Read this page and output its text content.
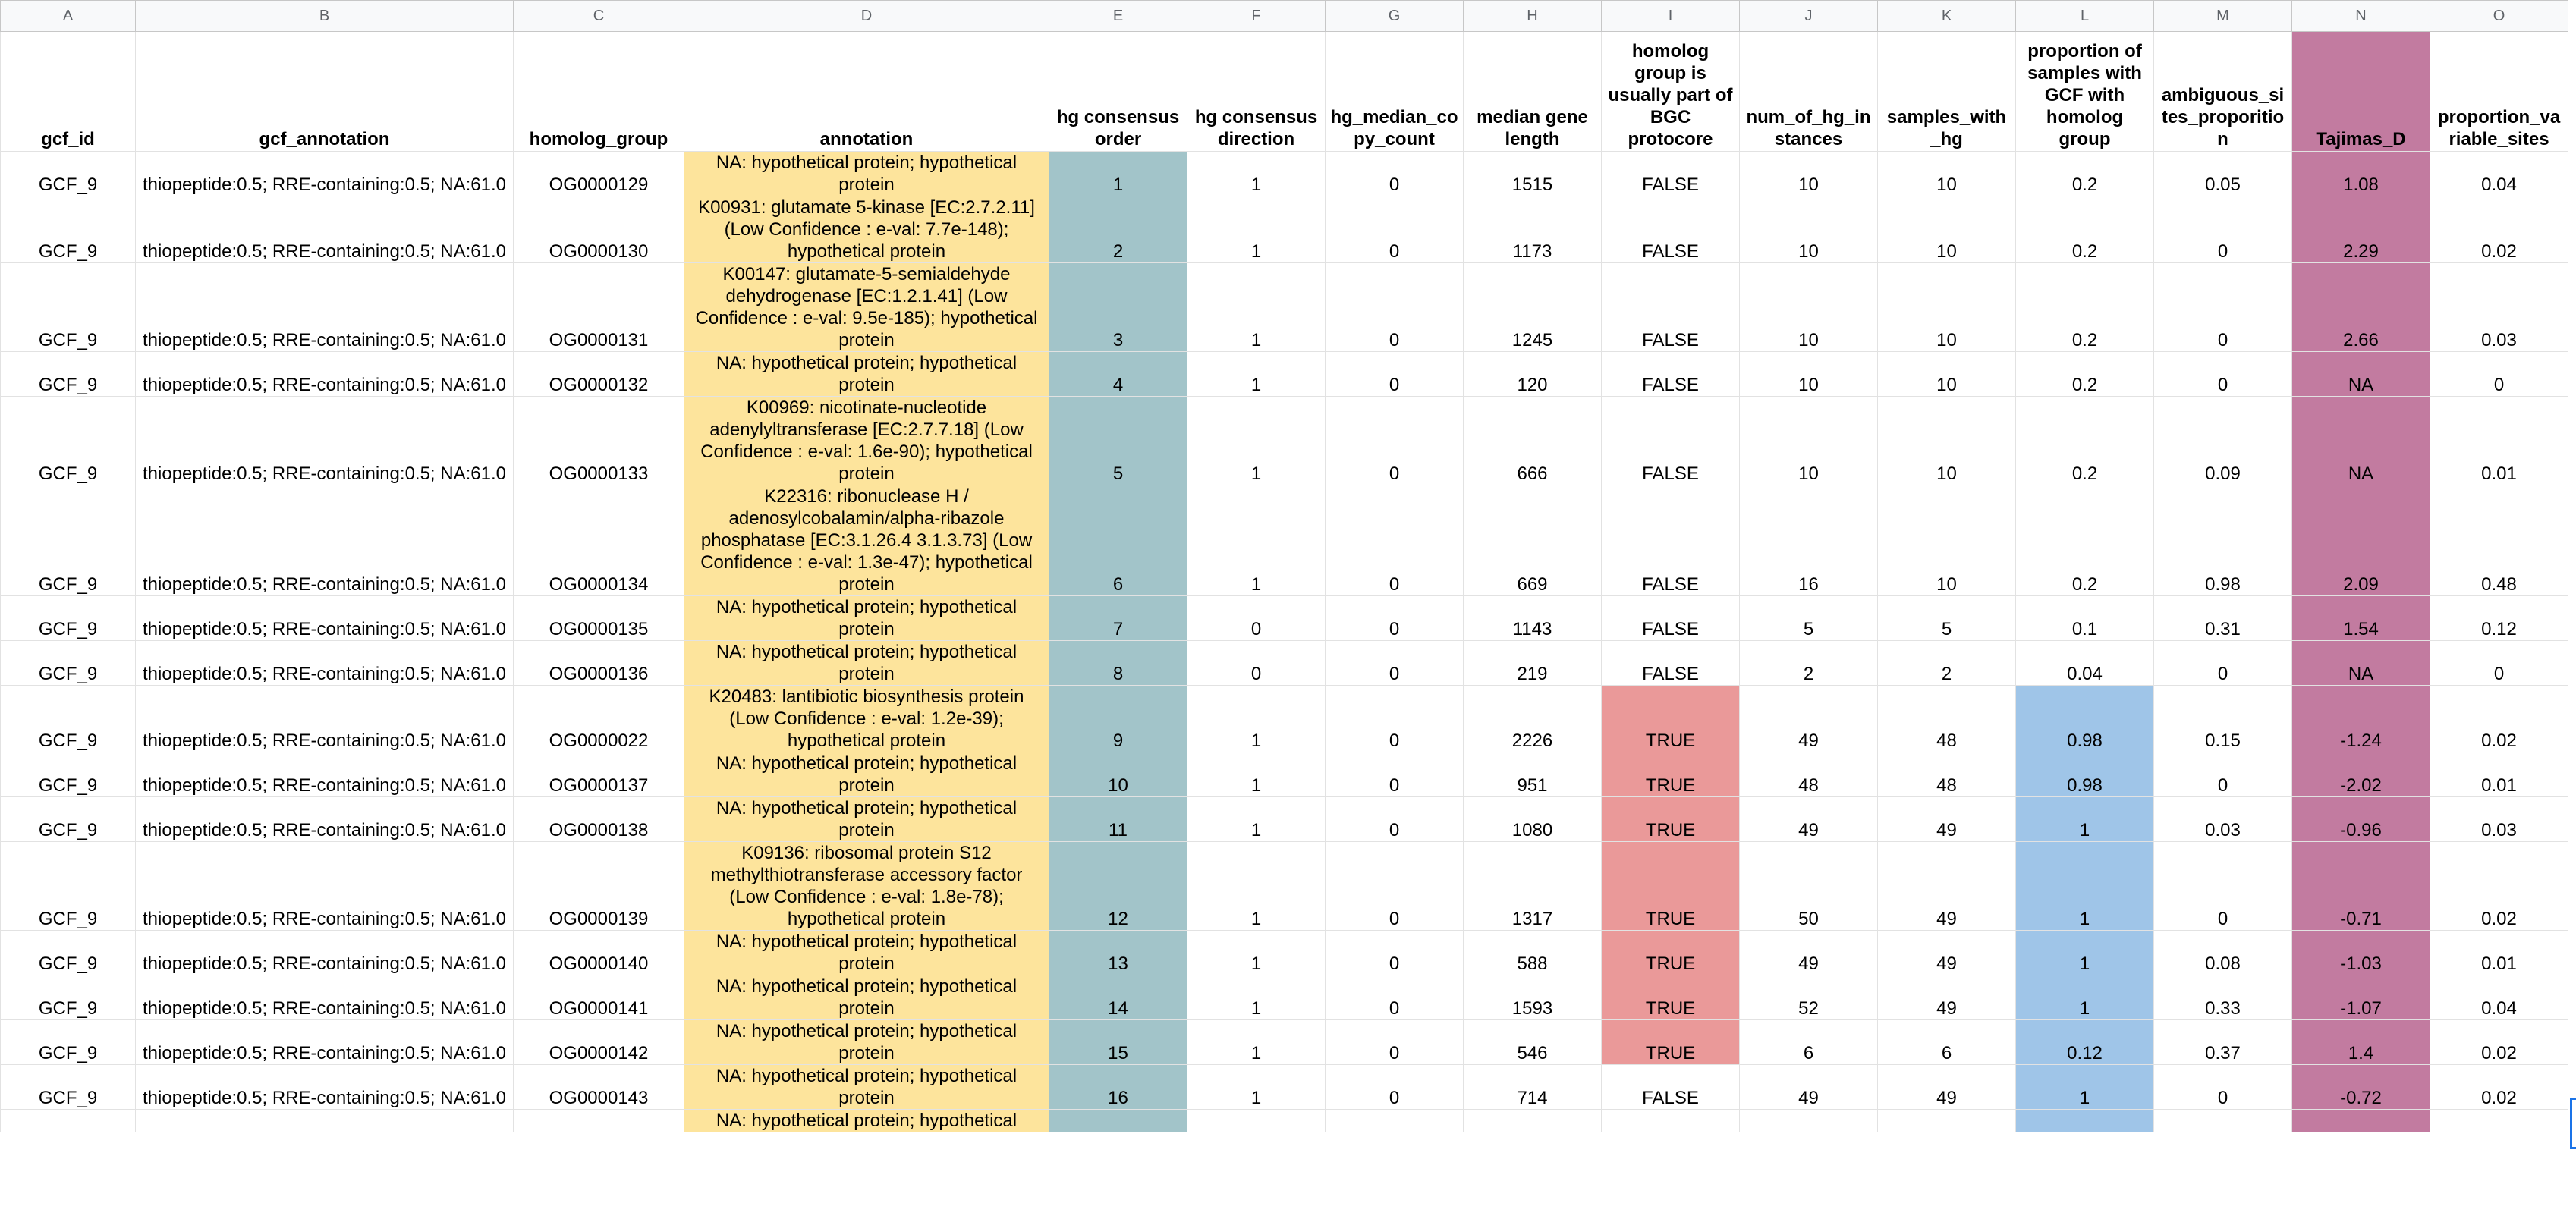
A	B	C	D	E	F	G	H	I	J	K	L	M	N	O
gcf_id	gcf_annotation	homolog_group	annotation	hg consensus order	hg consensus direction	hg_median_copy_count	median gene length	homolog group is usually part of BGC protocore	num_of_hg_instances	samples_with_hg	proportion of samples with GCF with homolog group	ambiguous_sites_proporition	Tajimas_D	proportion_variable_sites
GCF_9	thiopeptide:0.5; RRE-containing:0.5; NA:61.0	OG0000129	NA: hypothetical protein; hypothetical protein	1	1	0	1515	FALSE	10	10	0.2	0.05	1.08	0.04
GCF_9	thiopeptide:0.5; RRE-containing:0.5; NA:61.0	OG0000130	K00931: glutamate 5-kinase [EC:2.7.2.11] (Low Confidence : e-val: 7.7e-148); hypothetical protein	2	1	0	1173	FALSE	10	10	0.2	0	2.29	0.02
GCF_9	thiopeptide:0.5; RRE-containing:0.5; NA:61.0	OG0000131	K00147: glutamate-5-semialdehyde dehydrogenase [EC:1.2.1.41] (Low Confidence : e-val: 9.5e-185); hypothetical protein	3	1	0	1245	FALSE	10	10	0.2	0	2.66	0.03
GCF_9	thiopeptide:0.5; RRE-containing:0.5; NA:61.0	OG0000132	NA: hypothetical protein; hypothetical protein	4	1	0	120	FALSE	10	10	0.2	0	NA	0
GCF_9	thiopeptide:0.5; RRE-containing:0.5; NA:61.0	OG0000133	K00969: nicotinate-nucleotide adenylyltransferase [EC:2.7.7.18] (Low Confidence : e-val: 1.6e-90); hypothetical protein	5	1	0	666	FALSE	10	10	0.2	0.09	NA	0.01
GCF_9	thiopeptide:0.5; RRE-containing:0.5; NA:61.0	OG0000134	K22316: ribonuclease H / adenosylcobalamin/alpha-ribazole phosphatase [EC:3.1.26.4 3.1.3.73] (Low Confidence : e-val: 1.3e-47); hypothetical protein	6	1	0	669	FALSE	16	10	0.2	0.98	2.09	0.48
GCF_9	thiopeptide:0.5; RRE-containing:0.5; NA:61.0	OG0000135	NA: hypothetical protein; hypothetical protein	7	0	0	1143	FALSE	5	5	0.1	0.31	1.54	0.12
GCF_9	thiopeptide:0.5; RRE-containing:0.5; NA:61.0	OG0000136	NA: hypothetical protein; hypothetical protein	8	0	0	219	FALSE	2	2	0.04	0	NA	0
GCF_9	thiopeptide:0.5; RRE-containing:0.5; NA:61.0	OG0000022	K20483: lantibiotic biosynthesis protein (Low Confidence : e-val: 1.2e-39); hypothetical protein	9	1	0	2226	TRUE	49	48	0.98	0.15	-1.24	0.02
GCF_9	thiopeptide:0.5; RRE-containing:0.5; NA:61.0	OG0000137	NA: hypothetical protein; hypothetical protein	10	1	0	951	TRUE	48	48	0.98	0	-2.02	0.01
GCF_9	thiopeptide:0.5; RRE-containing:0.5; NA:61.0	OG0000138	NA: hypothetical protein; hypothetical protein	11	1	0	1080	TRUE	49	49	1	0.03	-0.96	0.03
GCF_9	thiopeptide:0.5; RRE-containing:0.5; NA:61.0	OG0000139	K09136: ribosomal protein S12 methylthiotransferase accessory factor (Low Confidence : e-val: 1.8e-78); hypothetical protein	12	1	0	1317	TRUE	50	49	1	0	-0.71	0.02
GCF_9	thiopeptide:0.5; RRE-containing:0.5; NA:61.0	OG0000140	NA: hypothetical protein; hypothetical protein	13	1	0	588	TRUE	49	49	1	0.08	-1.03	0.01
GCF_9	thiopeptide:0.5; RRE-containing:0.5; NA:61.0	OG0000141	NA: hypothetical protein; hypothetical protein	14	1	0	1593	TRUE	52	49	1	0.33	-1.07	0.04
GCF_9	thiopeptide:0.5; RRE-containing:0.5; NA:61.0	OG0000142	NA: hypothetical protein; hypothetical protein	15	1	0	546	TRUE	6	6	0.12	0.37	1.4	0.02
GCF_9	thiopeptide:0.5; RRE-containing:0.5; NA:61.0	OG0000143	NA: hypothetical protein; hypothetical protein	16	1	0	714	FALSE	49	49	1	0	-0.72	0.02
			NA: hypothetical protein; hypothetical											
